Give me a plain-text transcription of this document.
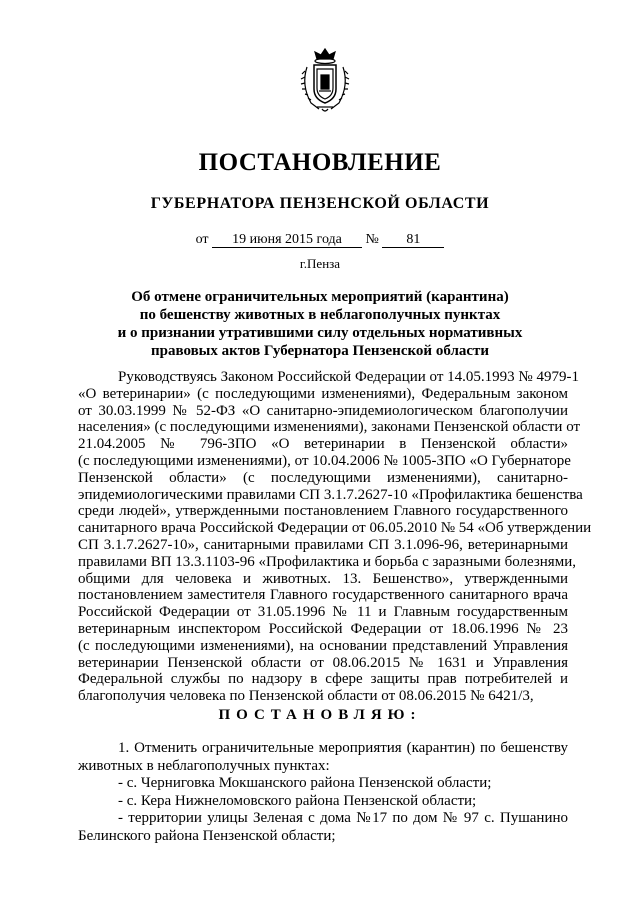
ПОСТАНОВЛЕНИЕ
ГУБЕРНАТОРА ПЕНЗЕНСКОЙ ОБЛАСТИ
от 19 июня 2015 года № 81
г.Пенза
Об отмене ограничительных мероприятий (карантина)
по бешенству животных в неблагополучных пунктах
и о признании утратившими силу отдельных нормативных
правовых актов Губернатора Пензенской области
Руководствуясь Законом Российской Федерации от 14.05.1993 № 4979-1
«О ветеринарии» (с последующими изменениями), Федеральным законом
от 30.03.1999 № 52-ФЗ «О санитарно-эпидемиологическом благополучии
населения» (с последующими изменениями), законами Пензенской области от
21.04.2005 № 796-ЗПО «О ветеринарии в Пензенской области»
(с последующими изменениями), от 10.04.2006 № 1005-ЗПО «О Губернаторе
Пензенской области» (с последующими изменениями), санитарно-
эпидемиологическими правилами СП 3.1.7.2627-10 «Профилактика бешенства
среди людей», утвержденными постановлением Главного государственного
санитарного врача Российской Федерации от 06.05.2010 № 54 «Об утверждении
СП 3.1.7.2627-10», санитарными правилами СП 3.1.096-96, ветеринарными
правилами ВП 13.3.1103-96 «Профилактика и борьба с заразными болезнями,
общими для человека и животных. 13. Бешенство», утвержденными
постановлением заместителя Главного государственного санитарного врача
Российской Федерации от 31.05.1996 № 11 и Главным государственным
ветеринарным инспектором Российской Федерации от 18.06.1996 № 23
(с последующими изменениями), на основании представлений Управления
ветеринарии Пензенской области от 08.06.2015 № 1631 и Управления
Федеральной службы по надзору в сфере защиты прав потребителей и
благополучия человека по Пензенской области от 08.06.2015 № 6421/3,
ПОСТАНОВЛЯЮ:
1. Отменить ограничительные мероприятия (карантин) по бешенству
животных в неблагополучных пунктах:
- с. Черниговка Мокшанского района Пензенской области;
- с. Кера Нижнеломовского района Пензенской области;
- территории улицы Зеленая с дома №17 по дом № 97 с. Пушанино
Белинского района Пензенской области;
